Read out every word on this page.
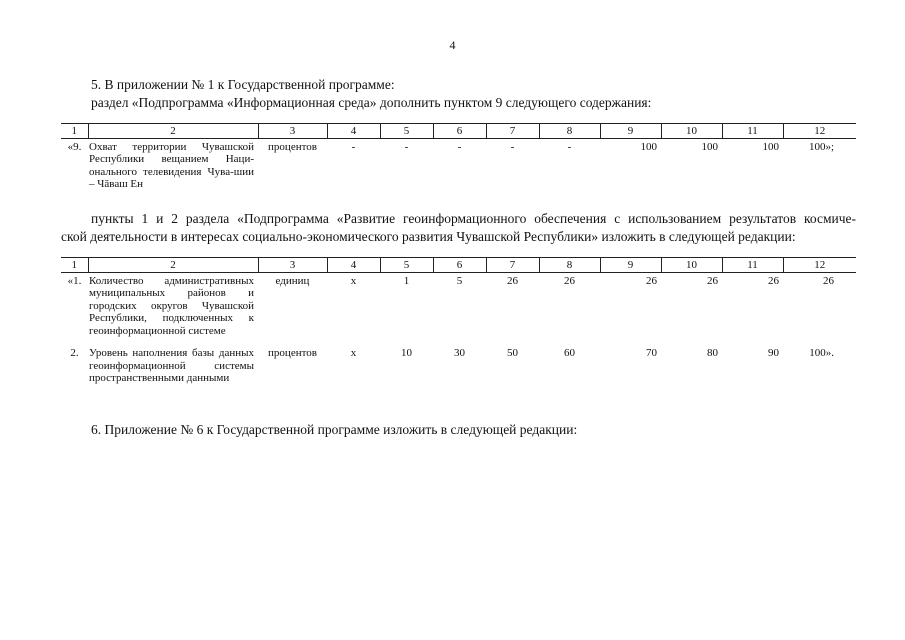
4
5. В приложении № 1 к Государственной программе:
раздел «Подпрограмма «Информационная среда» дополнить пунктом 9 следующего содержания:
1	2	3	4	5	6	7	8	9	10	11	12
«9.	Охват территории Чувашской Республики вещанием Наци-онального телевидения Чува-шии – Чăваш Ен	процентов	-	-	-	-	-	100	100	100	100»;
пункты 1 и 2 раздела «Подпрограмма «Развитие геоинформационного обеспечения с использованием результатов космиче-
ской деятельности в интересах социально-экономического развития Чувашской Республики» изложить в следующей редакции:
1	2	3	4	5	6	7	8	9	10	11	12
«1.	Количество административных муниципальных районов и городских округов Чувашской Республики, подключенных к геоинформационной системе	единиц	х	1	5	26	26	26	26	26	26

2.	Уровень наполнения базы данных геоинформационной системы пространственными данными	процентов	х	10	30	50	60	70	80	90	100».
6. Приложение № 6 к Государственной программе изложить в следующей редакции:
